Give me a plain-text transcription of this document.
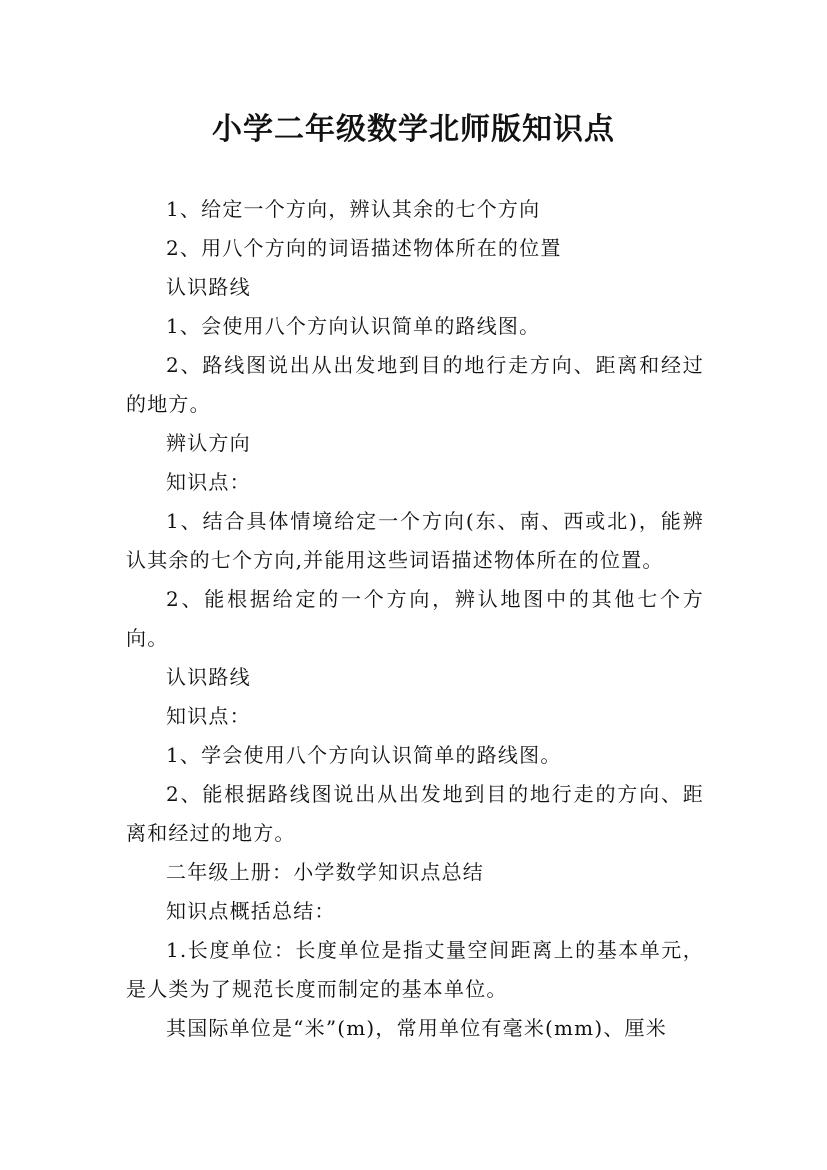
小学二年级数学北师版知识点

1、给定一个方向，辨认其余的七个方向

2、用八个方向的词语描述物体所在的位置

认识路线

1、会使用八个方向认识简单的路线图。

2、路线图说出从出发地到目的地行走方向、距离和经过的地方。

辨认方向

知识点：

1、结合具体情境给定一个方向(东、南、西或北)，能辨认其余的七个方向,并能用这些词语描述物体所在的位置。

2、能根据给定的一个方向，辨认地图中的其他七个方向。

认识路线

知识点：

1、学会使用八个方向认识简单的路线图。

2、能根据路线图说出从出发地到目的地行走的方向、距离和经过的地方。

二年级上册：小学数学知识点总结

知识点概括总结：

1.长度单位：长度单位是指丈量空间距离上的基本单元，是人类为了规范长度而制定的基本单位。

其国际单位是“米”(m)，常用单位有毫米(mm)、厘米
